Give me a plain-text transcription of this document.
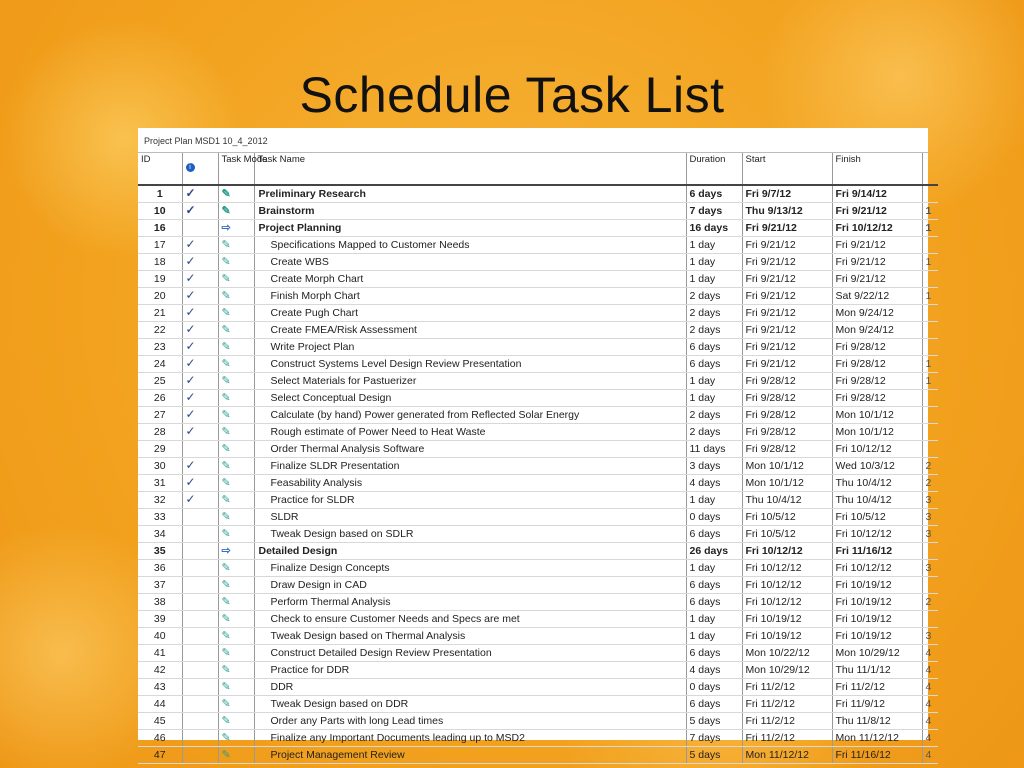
Schedule Task List
Project Plan MSD1 10_4_2012
ID	i	Task Mode	Task Name	Duration	Start	Finish	
1	✓	✎	Preliminary Research	6 days	Fri 9/7/12	Fri 9/14/12	
10	✓	✎	Brainstorm	7 days	Thu 9/13/12	Fri 9/21/12	1
16		⇨	Project Planning	16 days	Fri 9/21/12	Fri 10/12/12	1
17	✓	✎	Specifications Mapped to Customer Needs	1 day	Fri 9/21/12	Fri 9/21/12	
18	✓	✎	Create WBS	1 day	Fri 9/21/12	Fri 9/21/12	1
19	✓	✎	Create Morph Chart	1 day	Fri 9/21/12	Fri 9/21/12	
20	✓	✎	Finish Morph Chart	2 days	Fri 9/21/12	Sat 9/22/12	1
21	✓	✎	Create Pugh Chart	2 days	Fri 9/21/12	Mon 9/24/12	
22	✓	✎	Create FMEA/Risk Assessment	2 days	Fri 9/21/12	Mon 9/24/12	
23	✓	✎	Write Project Plan	6 days	Fri 9/21/12	Fri 9/28/12	
24	✓	✎	Construct Systems Level Design Review Presentation	6 days	Fri 9/21/12	Fri 9/28/12	1
25	✓	✎	Select Materials for Pastuerizer	1 day	Fri 9/28/12	Fri 9/28/12	1
26	✓	✎	Select Conceptual Design	1 day	Fri 9/28/12	Fri 9/28/12	
27	✓	✎	Calculate (by hand) Power generated from Reflected Solar Energy	2 days	Fri 9/28/12	Mon 10/1/12	
28	✓	✎	Rough estimate of Power Need to Heat Waste	2 days	Fri 9/28/12	Mon 10/1/12	
29		✎	Order Thermal Analysis Software	11 days	Fri 9/28/12	Fri 10/12/12	
30	✓	✎	Finalize SLDR Presentation	3 days	Mon 10/1/12	Wed 10/3/12	2
31	✓	✎	Feasability Analysis	4 days	Mon 10/1/12	Thu 10/4/12	2
32	✓	✎	Practice for SLDR	1 day	Thu 10/4/12	Thu 10/4/12	3
33		✎	SLDR	0 days	Fri 10/5/12	Fri 10/5/12	3
34		✎	Tweak Design based on SDLR	6 days	Fri 10/5/12	Fri 10/12/12	3
35		⇨	Detailed Design	26 days	Fri 10/12/12	Fri 11/16/12	
36		✎	Finalize Design Concepts	1 day	Fri 10/12/12	Fri 10/12/12	3
37		✎	Draw Design in CAD	6 days	Fri 10/12/12	Fri 10/19/12	
38		✎	Perform Thermal Analysis	6 days	Fri 10/12/12	Fri 10/19/12	2
39		✎	Check to ensure Customer Needs and Specs are met	1 day	Fri 10/19/12	Fri 10/19/12	
40		✎	Tweak Design based on Thermal Analysis	1 day	Fri 10/19/12	Fri 10/19/12	3
41		✎	Construct Detailed Design Review Presentation	6 days	Mon 10/22/12	Mon 10/29/12	4
42		✎	Practice for DDR	4 days	Mon 10/29/12	Thu 11/1/12	4
43		✎	DDR	0 days	Fri 11/2/12	Fri 11/2/12	4
44		✎	Tweak Design based on DDR	6 days	Fri 11/2/12	Fri 11/9/12	4
45		✎	Order any Parts with long Lead times	5 days	Fri 11/2/12	Thu 11/8/12	4
46		✎	Finalize any Important Documents leading up to MSD2	7 days	Fri 11/2/12	Mon 11/12/12	4
47		✎	Project Management Review	5 days	Mon 11/12/12	Fri 11/16/12	4
